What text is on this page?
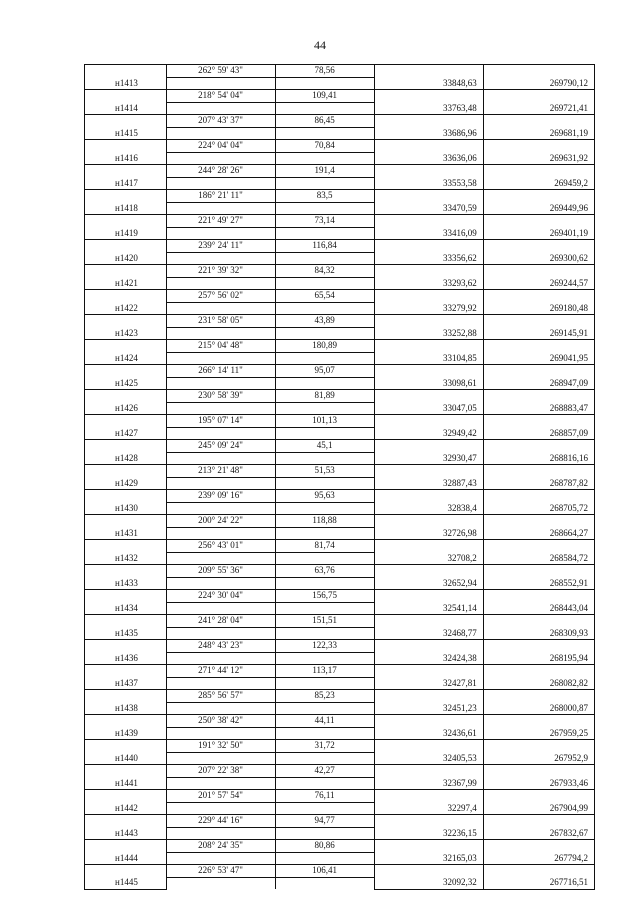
44
	262° 59' 43"	78,56		
н1413			33848,63	269790,12
	218° 54' 04"	109,41		
н1414			33763,48	269721,41
	207° 43' 37"	86,45		
н1415			33686,96	269681,19
	224° 04' 04"	70,84		
н1416			33636,06	269631,92
	244° 28' 26"	191,4		
н1417			33553,58	269459,2
	186° 21' 11"	83,5		
н1418			33470,59	269449,96
	221° 49' 27"	73,14		
н1419			33416,09	269401,19
	239° 24' 11"	116,84		
н1420			33356,62	269300,62
	221° 39' 32"	84,32		
н1421			33293,62	269244,57
	257° 56' 02"	65,54		
н1422			33279,92	269180,48
	231° 58' 05"	43,89		
н1423			33252,88	269145,91
	215° 04' 48"	180,89		
н1424			33104,85	269041,95
	266° 14' 11"	95,07		
н1425			33098,61	268947,09
	230° 58' 39"	81,89		
н1426			33047,05	268883,47
	195° 07' 14"	101,13		
н1427			32949,42	268857,09
	245° 09' 24"	45,1		
н1428			32930,47	268816,16
	213° 21' 48"	51,53		
н1429			32887,43	268787,82
	239° 09' 16"	95,63		
н1430			32838,4	268705,72
	200° 24' 22"	118,88		
н1431			32726,98	268664,27
	256° 43' 01"	81,74		
н1432			32708,2	268584,72
	209° 55' 36"	63,76		
н1433			32652,94	268552,91
	224° 30' 04"	156,75		
н1434			32541,14	268443,04
	241° 28' 04"	151,51		
н1435			32468,77	268309,93
	248° 43' 23"	122,33		
н1436			32424,38	268195,94
	271° 44' 12"	113,17		
н1437			32427,81	268082,82
	285° 56' 57"	85,23		
н1438			32451,23	268000,87
	250° 38' 42"	44,11		
н1439			32436,61	267959,25
	191° 32' 50"	31,72		
н1440			32405,53	267952,9
	207° 22' 38"	42,27		
н1441			32367,99	267933,46
	201° 57' 54"	76,11		
н1442			32297,4	267904,99
	229° 44' 16"	94,77		
н1443			32236,15	267832,67
	208° 24' 35"	80,86		
н1444			32165,03	267794,2
	226° 53' 47"	106,41		
н1445			32092,32	267716,51
